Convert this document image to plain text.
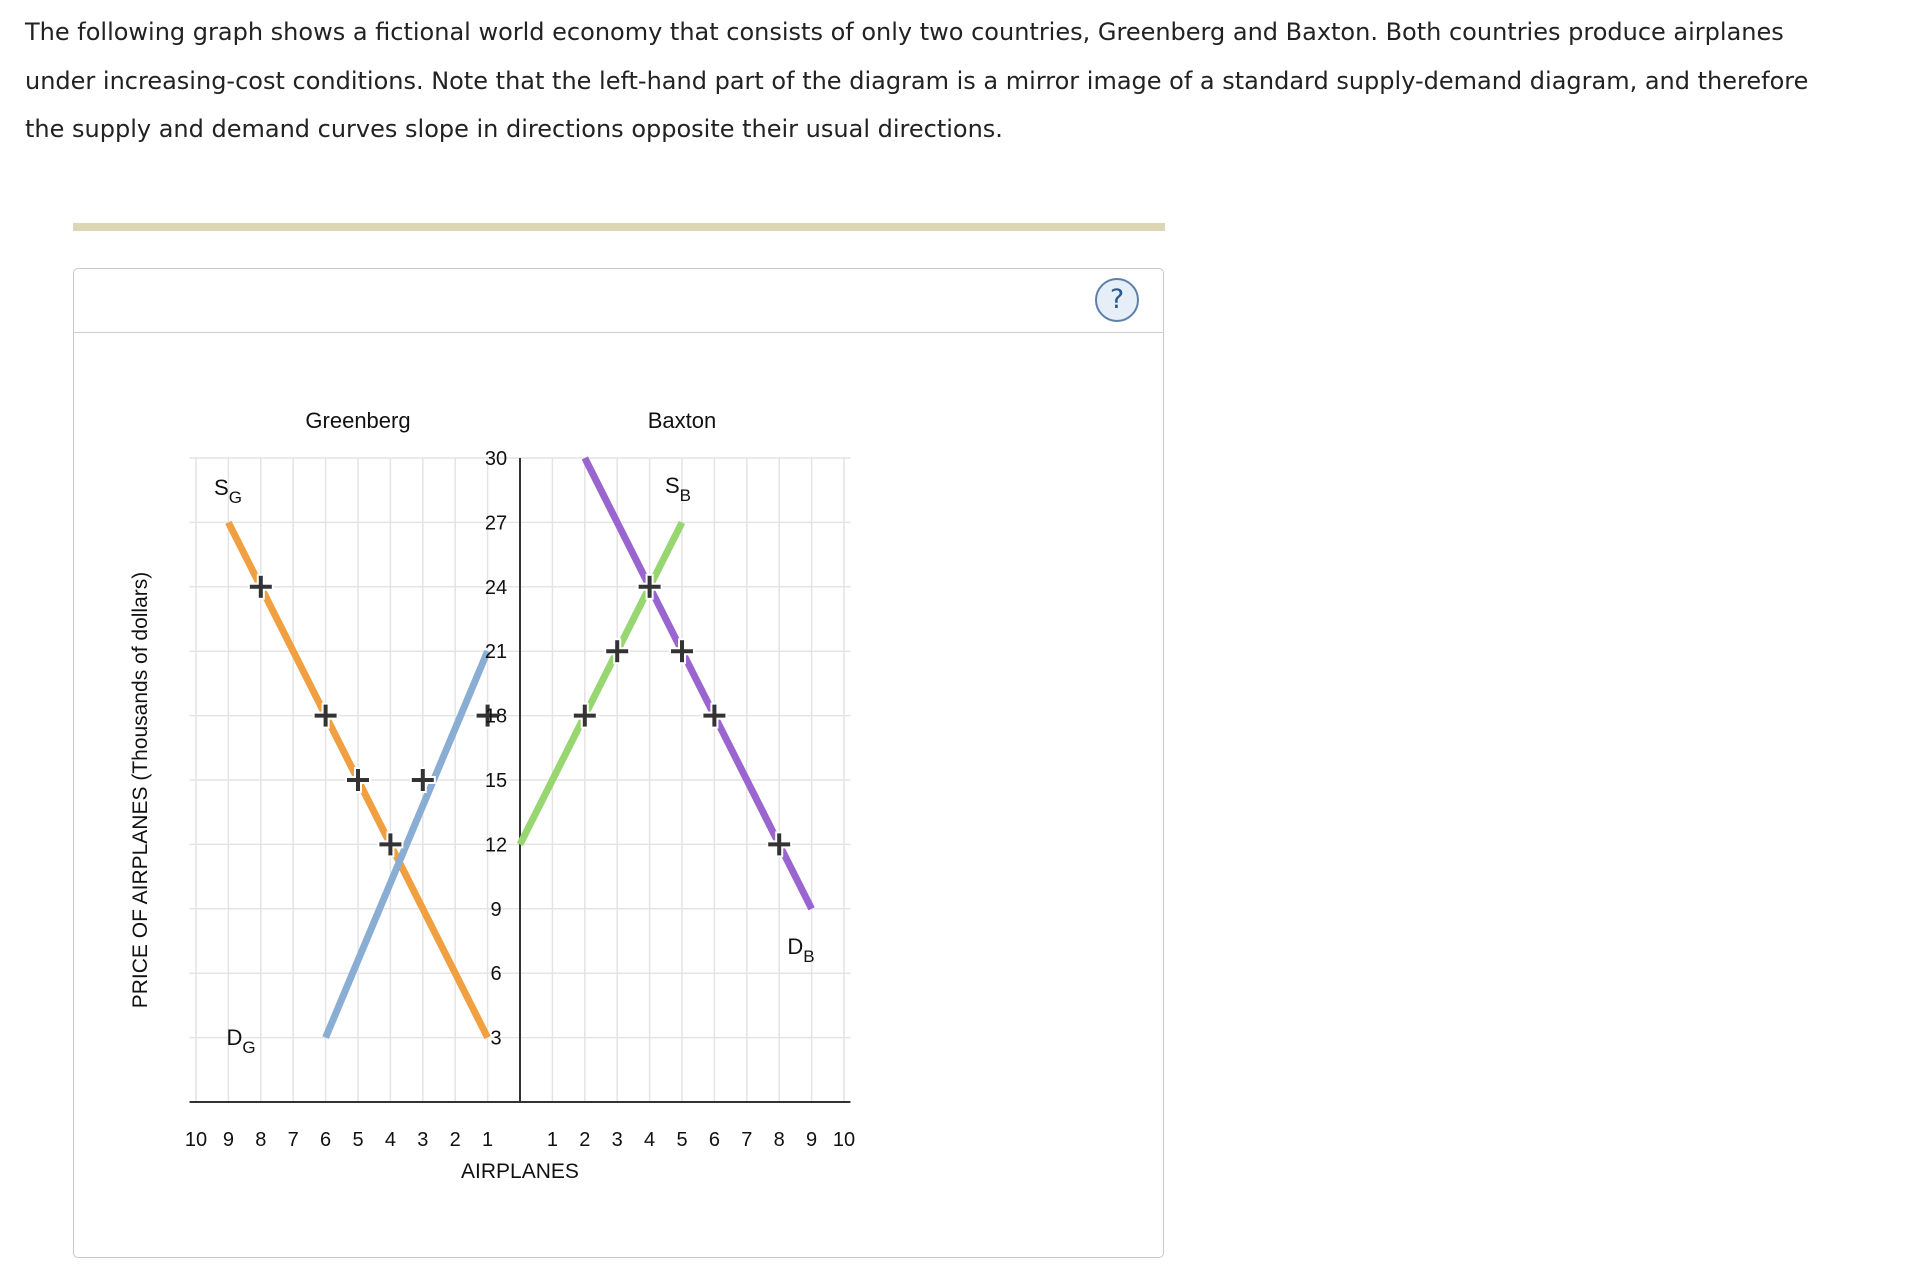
The following graph shows a fictional world economy that consists of only two countries, Greenberg and Baxton. Both countries produce airplanes
under increasing-cost conditions. Note that the left-hand part of the diagram is a mirror image of a standard supply-demand diagram, and therefore
the supply and demand curves slope in directions opposite their usual directions.
?
3
6
9
12
15
18
21
24
27
30
10 9 8 7 6 5 4 3 2 1	1 2 3 4 5 6 7 8 9 10
AIRPLANES
PRICE OF AIRPLANES (Thousands of dollars)
Greenberg
$S_G$
$D_G$
Baxton
$S_B$
$D_B$
